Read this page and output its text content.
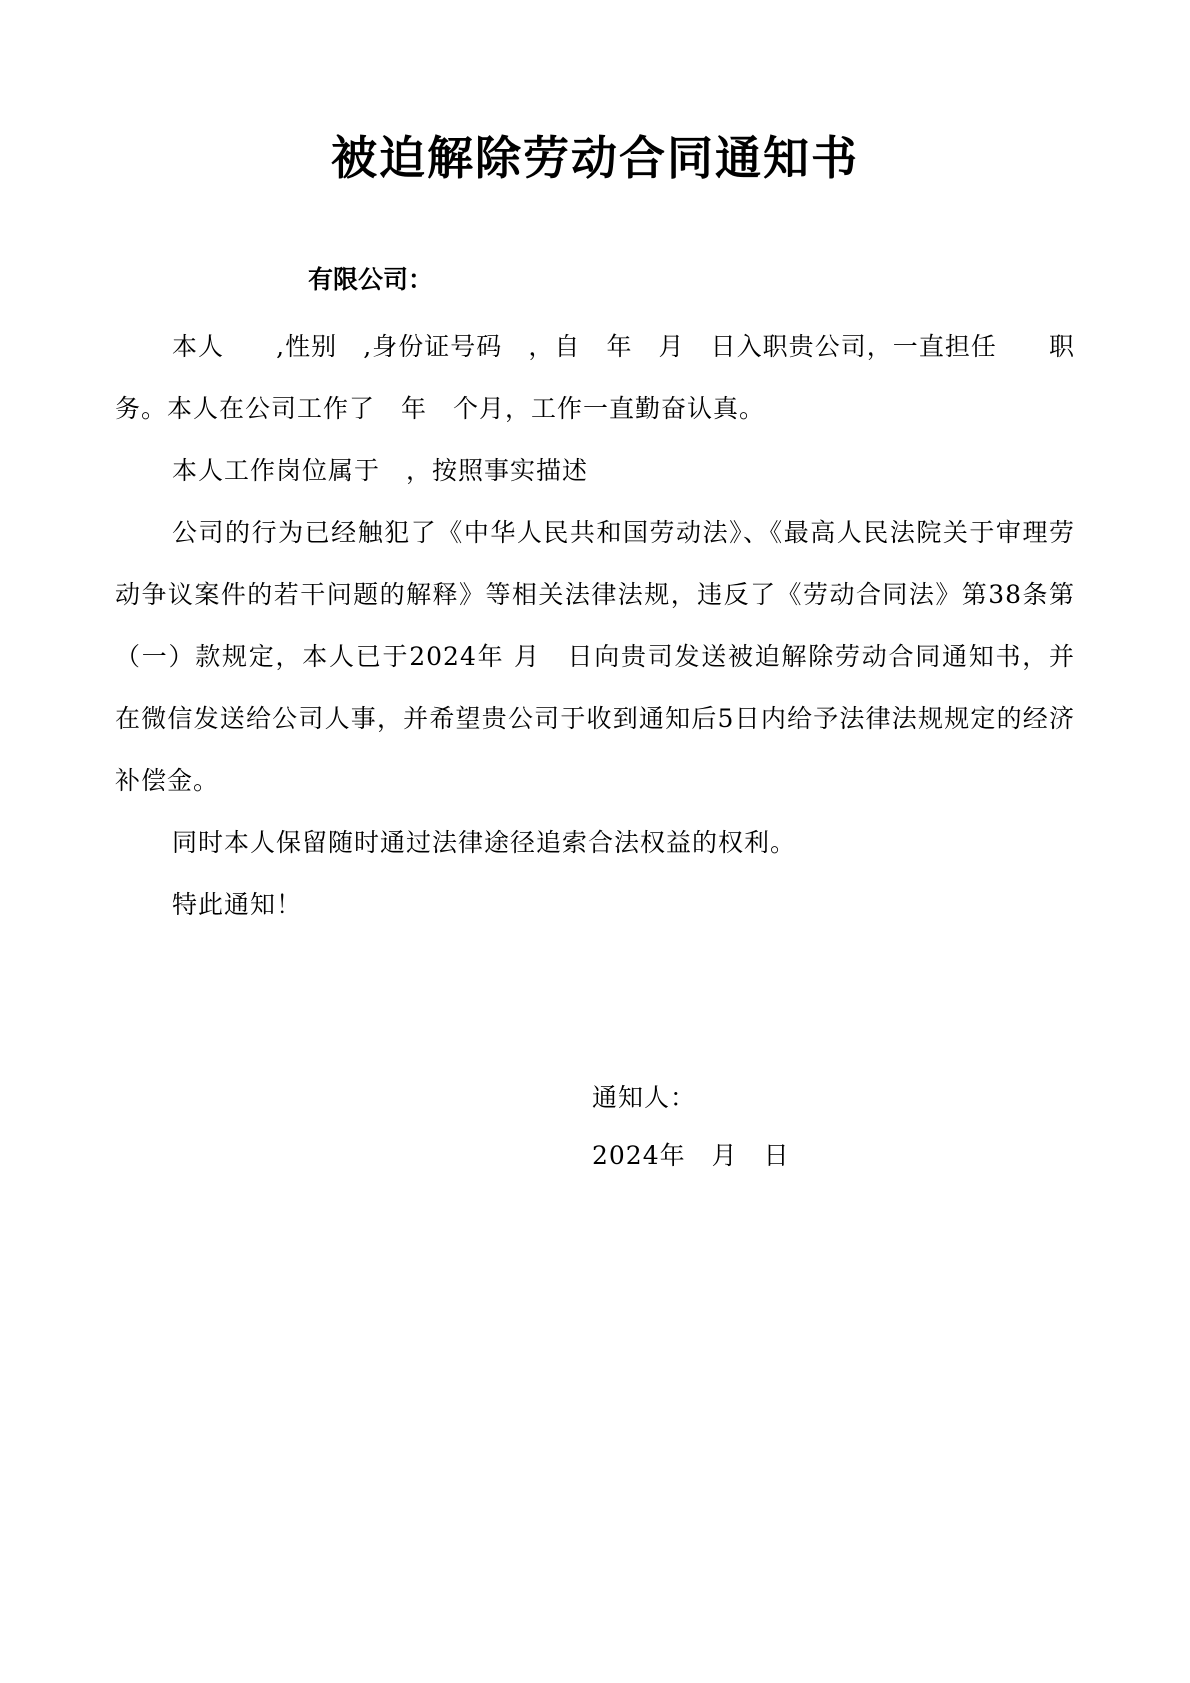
被迫解除劳动合同通知书
有限公司：

本人　　,性别　,身份证号码　，自　年　月　日入职贵公司，一直担任　　职务。本人在公司工作了　年　个月，工作一直勤奋认真。

本人工作岗位属于　，按照事实描述

公司的行为已经触犯了《中华人民共和国劳动法》、《最高人民法院关于审理劳动争议案件的若干问题的解释》等相关法律法规，违反了《劳动合同法》第38条第（一）款规定，本人已于2024年 月　日向贵司发送被迫解除劳动合同通知书，并在微信发送给公司人事，并希望贵公司于收到通知后5日内给予法律法规规定的经济补偿金。

同时本人保留随时通过法律途径追索合法权益的权利。

特此通知！

通知人：
2024年　月　日
